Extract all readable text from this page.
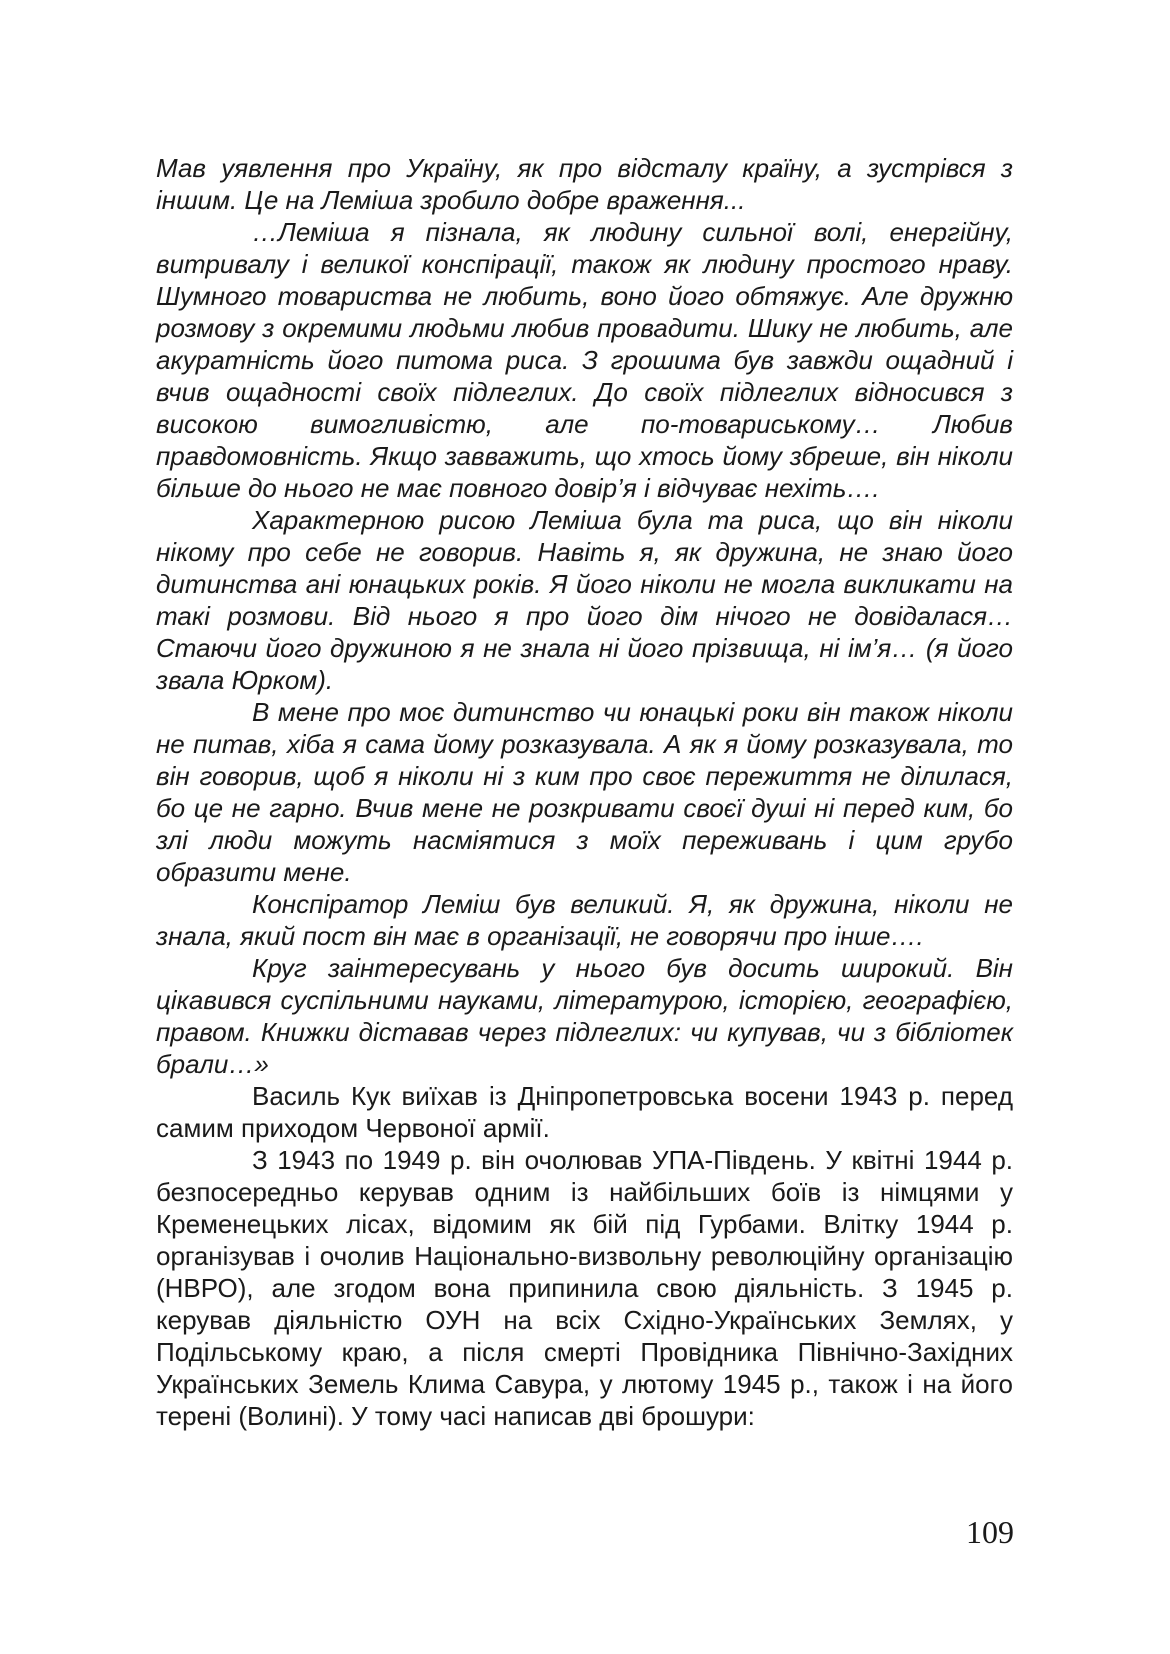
Мав уявлення про Україну, як про відсталу країну, а зустрівся з іншим. Це на Леміша зробило добре враження...

…Леміша я пізнала, як людину сильної волі, енергійну, витривалу і великої конспірації, також як людину простого нраву. Шумного товариства не любить, воно його обтяжує. Але дружню розмову з окремими людьми любив провадити. Шику не любить, але акуратність його питома риса. З грошима був завжди ощадний і вчив ощадності своїх підлеглих. До своїх підлеглих відносився з високою вимогливістю, але по-товариському… Любив правдомовність. Якщо завважить, що хтось йому збреше, він ніколи більше до нього не має повного довір’я і відчуває нехіть….

Характерною рисою Леміша була та риса, що він ніколи нікому про себе не говорив. Навіть я, як дружина, не знаю його дитинства ані юнацьких років. Я його ніколи не могла викликати на такі розмови. Від нього я про його дім нічого не довідалася… Стаючи його дружиною я не знала ні його прізвища, ні ім’я… (я його звала Юрком).

В мене про моє дитинство чи юнацькі роки він також ніколи не питав, хіба я сама йому розказувала. А як я йому розказувала, то він говорив, щоб я ніколи ні з ким про своє пережиття не ділилася, бо це не гарно. Вчив мене не розкривати своєї душі ні перед ким, бо злі люди можуть насміятися з моїх переживань і цим грубо образити мене.

Конспіратор Леміш був великий. Я, як дружина, ніколи не знала, який пост він має в організації, не говорячи про інше….

Круг заінтересувань у нього був досить широкий. Він цікавився суспільними науками, літературою, історією, географією, правом. Книжки діставав через підлеглих: чи купував, чи з бібліотек брали…»

Василь Кук виїхав із Дніпропетровська восени 1943 р. перед самим приходом Червоної армії.

З 1943 по 1949 р. він очолював УПА-Південь. У квітні 1944 р. безпосередньо керував одним із найбільших боїв із німцями у Кременецьких лісах, відомим як бій під Гурбами. Влітку 1944 р. організував і очолив Національно-визвольну революційну організацію (НВРО), але згодом вона припинила свою діяльність. З 1945 р. керував діяльністю ОУН на всіх Східно-Українських Землях, у Подільському краю, а після смерті Провідника Північно-Західних Українських Земель Клима Савура, у лютому 1945 р., також і на його терені (Волині). У тому часі написав дві брошури:

109
